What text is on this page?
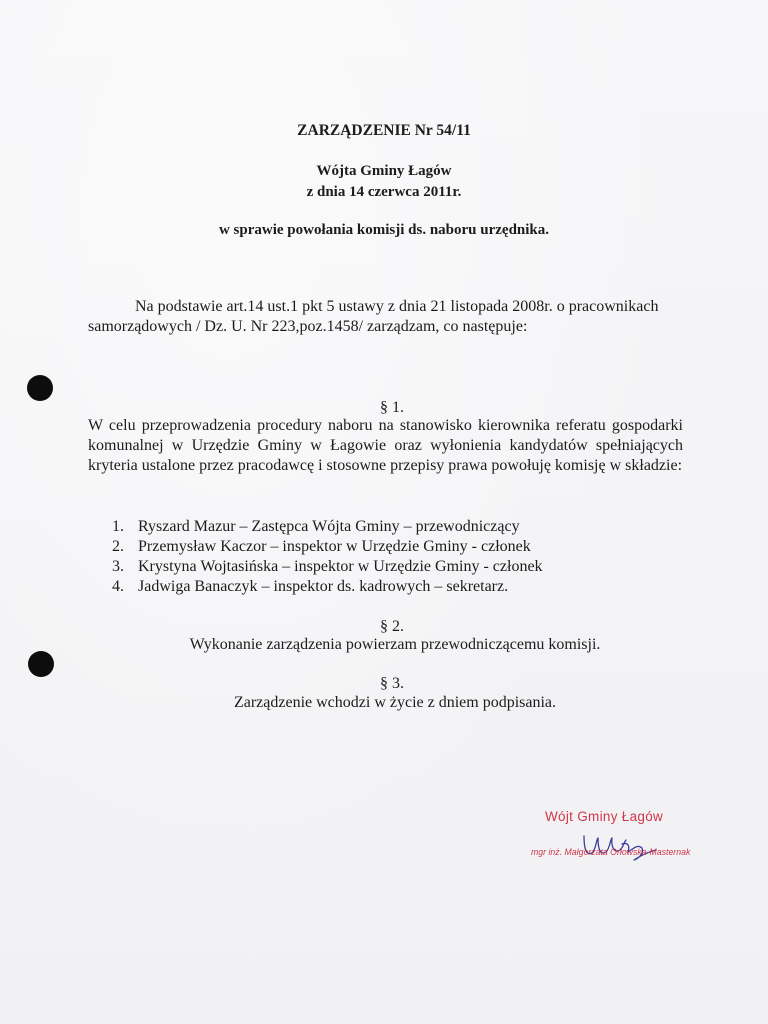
ZARZĄDZENIE Nr 54/11

Wójta Gminy Łagów

z dnia 14 czerwca 2011r.

w sprawie powołania komisji ds. naboru urzędnika.

Na podstawie art.14 ust.1 pkt 5 ustawy z dnia 21 listopada 2008r. o pracownikach samorządowych / Dz. U. Nr 223,poz.1458/ zarządzam, co następuje:

§ 1.

W celu przeprowadzenia procedury naboru na stanowisko kierownika referatu gospodarki komunalnej w Urzędzie Gminy w Łagowie oraz wyłonienia kandydatów spełniających kryteria ustalone przez pracodawcę i stosowne przepisy prawa powołuję komisję w składzie:

1. Ryszard Mazur – Zastępca Wójta Gminy – przewodniczący
2. Przemysław Kaczor – inspektor w Urzędzie Gminy - członek
3. Krystyna Wojtasińska – inspektor w Urzędzie Gminy - członek
4. Jadwiga Banaczyk – inspektor ds. kadrowych – sekretarz.

§ 2.

Wykonanie zarządzenia powierzam przewodniczącemu komisji.

§ 3.

Zarządzenie wchodzi w życie z dniem podpisania.

Wójt Gminy Łagów

mgr inż. Małgorzata Orłowska-Masternak
